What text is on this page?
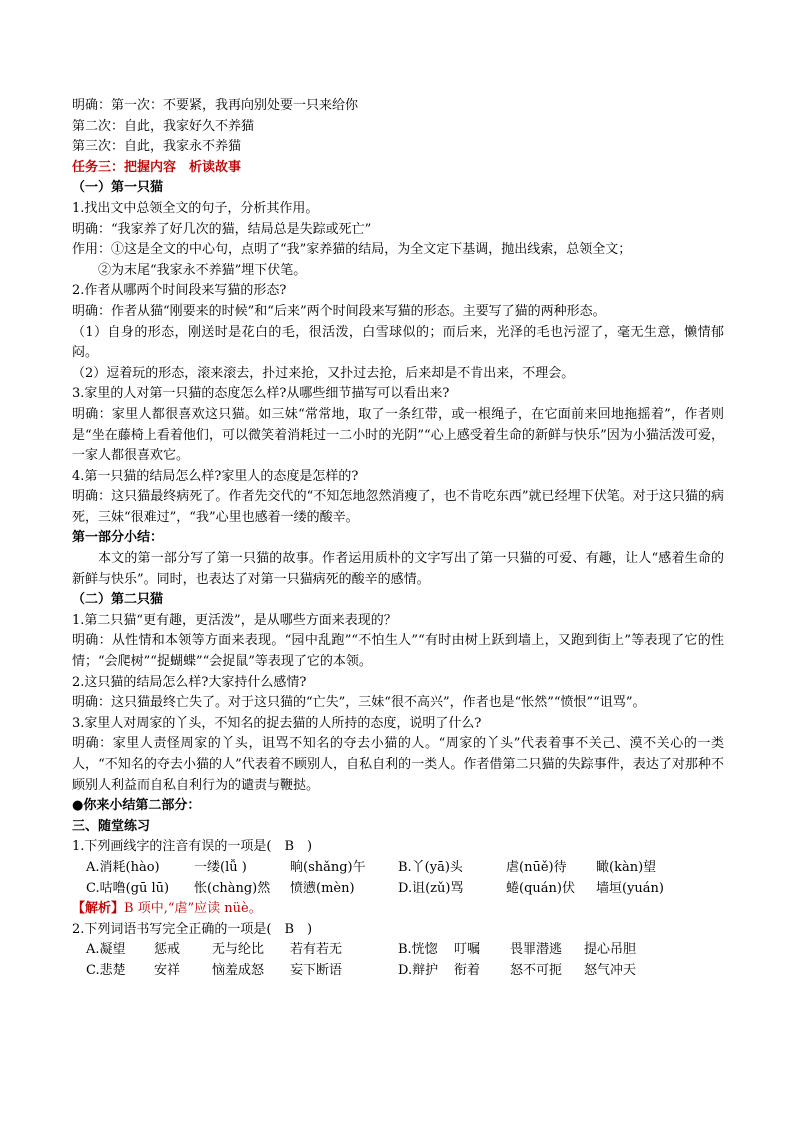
明确：第一次：不要紧，我再向别处要一只来给你
第二次：自此，我家好久不养猫
第三次：自此，我家永不养猫
任务三：把握内容　析读故事
（一）第一只猫
1.找出文中总领全文的句子，分析其作用。
明确：“我家养了好几次的猫，结局总是失踪或死亡”
作用：①这是全文的中心句，点明了“我”家养猫的结局，为全文定下基调，抛出线索，总领全文；
②为末尾“我家永不养猫”埋下伏笔。
2.作者从哪两个时间段来写猫的形态?
明确：作者从猫“刚要来的时候”和“后来”两个时间段来写猫的形态。主要写了猫的两种形态。
（1）自身的形态，刚送时是花白的毛，很活泼，白雪球似的；而后来，光泽的毛也污涩了，毫无生意，懒情郁闷。
（2）逗着玩的形态，滚来滚去，扑过来抢，又扑过去抢，后来却是不肯出来，不理会。
3.家里的人对第一只猫的态度怎么样?从哪些细节描写可以看出来?
明确：家里人都很喜欢这只猫。如三妹“常常地，取了一条红带，或一根绳子，在它面前来回地拖摇着”，作者则是“坐在藤椅上看着他们，可以微笑着消耗过一二小时的光阴”“心上感受着生命的新鲜与快乐”因为小猫活泼可爱，一家人都很喜欢它。
4.第一只猫的结局怎么样?家里人的态度是怎样的?
明确：这只猫最终病死了。作者先交代的“不知怎地忽然消瘦了，也不肯吃东西”就已经埋下伏笔。对于这只猫的病死，三妹“很难过”，“我”心里也感着一缕的酸辛。
第一部分小结：
本文的第一部分写了第一只猫的故事。作者运用质朴的文字写出了第一只猫的可爱、有趣，让人“感着生命的新鲜与快乐”。同时，也表达了对第一只猫病死的酸辛的感情。
（二）第二只猫
1.第二只猫“更有趣，更活泼”，是从哪些方面来表现的？
明确：从性情和本领等方面来表现。“园中乱跑”“不怕生人”“有时由树上跃到墙上，又跑到街上”等表现了它的性情；“会爬树”“捉蝴蝶”“会捉鼠”等表现了它的本领。
2.这只猫的结局怎么样?大家持什么感情?
明确：这只猫最终亡失了。对于这只猫的“亡失”，三妹“很不高兴”，作者也是“怅然”“愤恨”“诅骂”。
3.家里人对周家的丫头，不知名的捉去猫的人所持的态度，说明了什么?
明确：家里人责怪周家的丫头，诅骂不知名的夺去小猫的人。“周家的丫头”代表着事不关己、漠不关心的一类人，“不知名的夺去小猫的人”代表着不顾别人，自私自利的一类人。作者借第二只猫的失踪事件，表达了对那种不顾别人利益而自私自利行为的谴责与鞭挞。
●你来小结第二部分：
三、随堂练习
1.下列画线字的注音有误的一项是(　B　)
A.消耗(hào)	一缕(lǚ )	晌(shǎng)午	B.丫(yā)头	虐(nūě)待	瞰(kàn)望
C.咕噜(gū lū)	怅(chàng)然	愤懑(mèn)	D.诅(zǔ)骂	蜷(quán)伏	墙垣(yuán)
【解析】B 项中,“虐”应读 nüè。
2.下列词语书写完全正确的一项是(　B　)
A.凝望	惩戒	无与纶比	若有若无	B.恍惚	叮嘱	畏罪潜逃	提心吊胆
C.悲楚	安祥	恼羞成怒	妄下断语	D.辩护	衔着	怒不可扼	怒气冲天
